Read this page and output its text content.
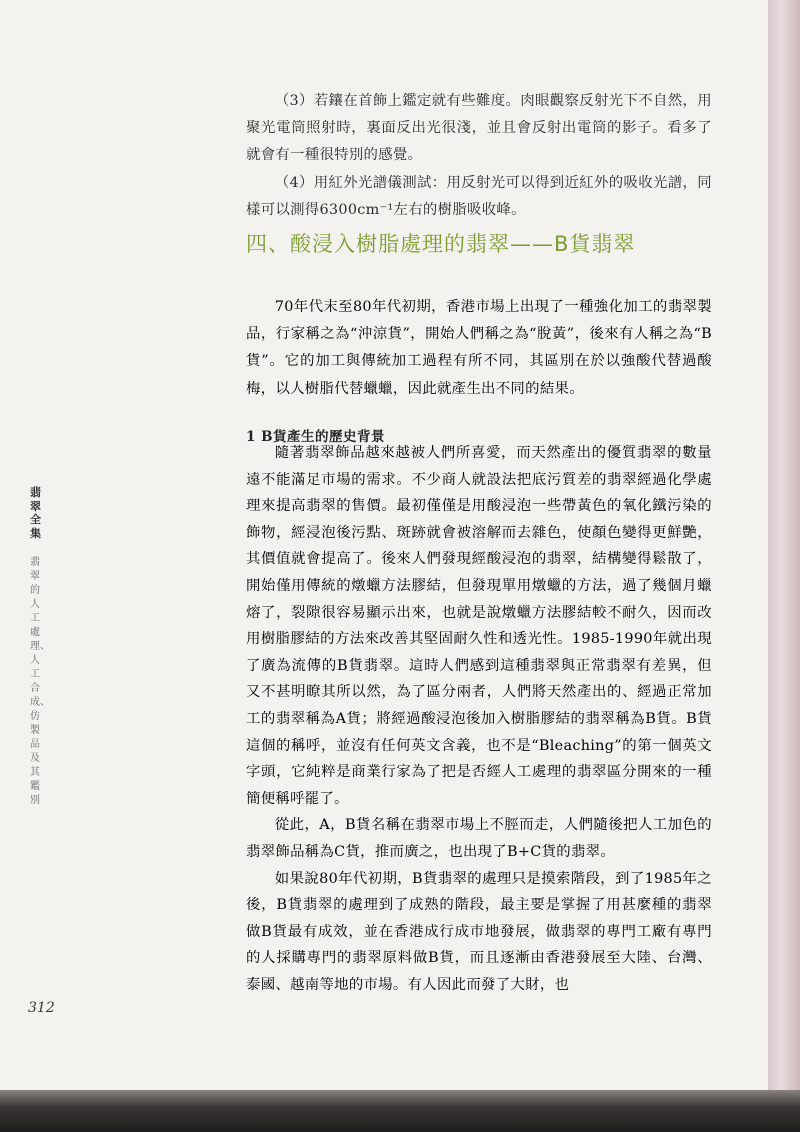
（3）若鑲在首飾上鑑定就有些難度。肉眼觀察反射光下不自然，用聚光電筒照射時，裏面反出光很淺，並且會反射出電筒的影子。看多了就會有一種很特別的感覺。

（4）用紅外光譜儀測試：用反射光可以得到近紅外的吸收光譜，同樣可以測得6300cm⁻¹左右的樹脂吸收峰。

四、酸浸入樹脂處理的翡翠——B貨翡翠

70年代末至80年代初期，香港市場上出現了一種強化加工的翡翠製品，行家稱之為“沖涼貨”，開始人們稱之為“脫黃”，後來有人稱之為“B貨”。它的加工與傳統加工過程有所不同，其區別在於以強酸代替過酸梅，以人樹脂代替蠟蠟，因此就產生出不同的結果。

1 B貨產生的歷史背景

隨著翡翠飾品越來越被人們所喜愛，而天然產出的優質翡翠的數量遠不能滿足市場的需求。不少商人就設法把底污質差的翡翠經過化學處理來提高翡翠的售價。最初僅僅是用酸浸泡一些帶黃色的氧化鐵污染的飾物，經浸泡後污點、斑跡就會被溶解而去雜色，使顏色變得更鮮艷，其價值就會提高了。後來人們發現經酸浸泡的翡翠，結構變得鬆散了，開始僅用傳統的燉蠟方法膠結，但發現單用燉蠟的方法，過了幾個月蠟熔了，裂隙很容易顯示出來，也就是說燉蠟方法膠結較不耐久，因而改用樹脂膠結的方法來改善其堅固耐久性和透光性。1985-1990年就出現了廣為流傳的B貨翡翠。這時人們感到這種翡翠與正常翡翠有差異，但又不甚明瞭其所以然，為了區分兩者，人們將天然產出的、經過正常加工的翡翠稱為A貨；將經過酸浸泡後加入樹脂膠結的翡翠稱為B貨。B貨這個的稱呼，並沒有任何英文含義，也不是“Bleaching”的第一個英文字頭，它純粹是商業行家為了把是否經人工處理的翡翠區分開來的一種簡便稱呼罷了。

從此，A，B貨名稱在翡翠市場上不脛而走，人們隨後把人工加色的翡翠飾品稱為C貨，推而廣之，也出現了B+C貨的翡翠。

如果說80年代初期，B貨翡翠的處理只是摸索階段，到了1985年之後，B貨翡翠的處理到了成熟的階段，最主要是掌握了用甚麼種的翡翠做B貨最有成效，並在香港成行成市地發展，做翡翠的專門工廠有專門的人採購專門的翡翠原料做B貨，而且逐漸由香港發展至大陸、台灣、泰國、越南等地的市場。有人因此而發了大財，也

翡翠全集
翡翠的人工處理、人工合成、仿製品及其鑑別
312
